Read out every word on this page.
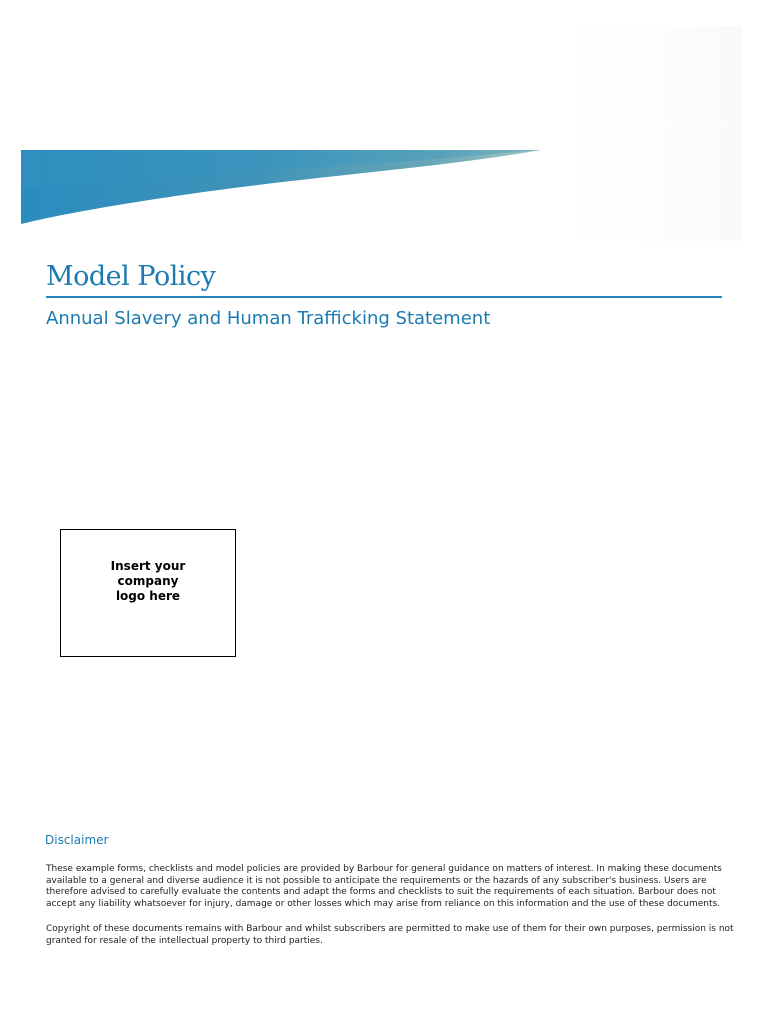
Model Policy
Annual Slavery and Human Trafficking Statement
Insert your
company
logo here
Disclaimer

These example forms, checklists and model policies are provided by Barbour for general guidance on matters of interest. In making these documents available to a general and diverse audience it is not possible to anticipate the requirements or the hazards of any subscriber's business. Users are therefore advised to carefully evaluate the contents and adapt the forms and checklists to suit the requirements of each situation. Barbour does not accept any liability whatsoever for injury, damage or other losses which may arise from reliance on this information and the use of these documents.

Copyright of these documents remains with Barbour and whilst subscribers are permitted to make use of them for their own purposes, permission is not granted for resale of the intellectual property to third parties.
